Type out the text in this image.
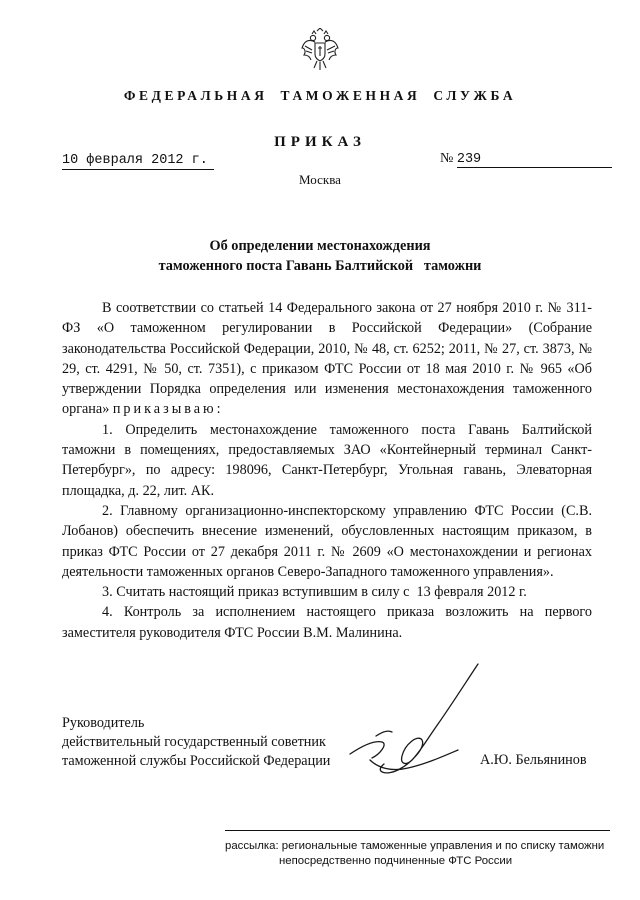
ФЕДЕРАЛЬНАЯ ТАМОЖЕННАЯ СЛУЖБА
ПРИКАЗ
10 февраля 2012 г.	№ 239
Москва
Об определении местонахождения
таможенного поста Гавань Балтийской   таможни

В соответствии со статьей 14 Федерального закона от 27 ноября 2010 г. № 311-ФЗ «О таможенном регулировании в Российской Федерации» (Собрание законодательства Российской Федерации, 2010, № 48, ст. 6252; 2011, № 27, ст. 3873, № 29, ст. 4291, № 50, ст. 7351), с приказом ФТС России от 18 мая 2010 г. № 965 «Об утверждении Порядка определения или изменения местонахождения таможенного органа» приказываю:

1. Определить местонахождение таможенного поста Гавань Балтийской таможни в помещениях, предоставляемых ЗАО «Контейнерный терминал Санкт-Петербург», по адресу: 198096, Санкт-Петербург, Угольная гавань, Элеваторная площадка, д. 22, лит. АК.

2. Главному организационно-инспекторскому управлению ФТС России (С.В. Лобанов) обеспечить внесение изменений, обусловленных настоящим приказом, в приказ ФТС России от 27 декабря 2011 г. № 2609 «О местонахождении и регионах деятельности таможенных органов Северо-Западного таможенного управления».

3. Считать настоящий приказ вступившим в силу с  13 февраля 2012 г.

4. Контроль за исполнением настоящего приказа возложить на первого заместителя руководителя ФТС России В.М. Малинина.

Руководитель
действительный государственный советник
таможенной службы Российской Федерации	А.Ю. Бельянинов
рассылка: региональные таможенные управления и по списку таможни
непосредственно подчиненные ФТС России
